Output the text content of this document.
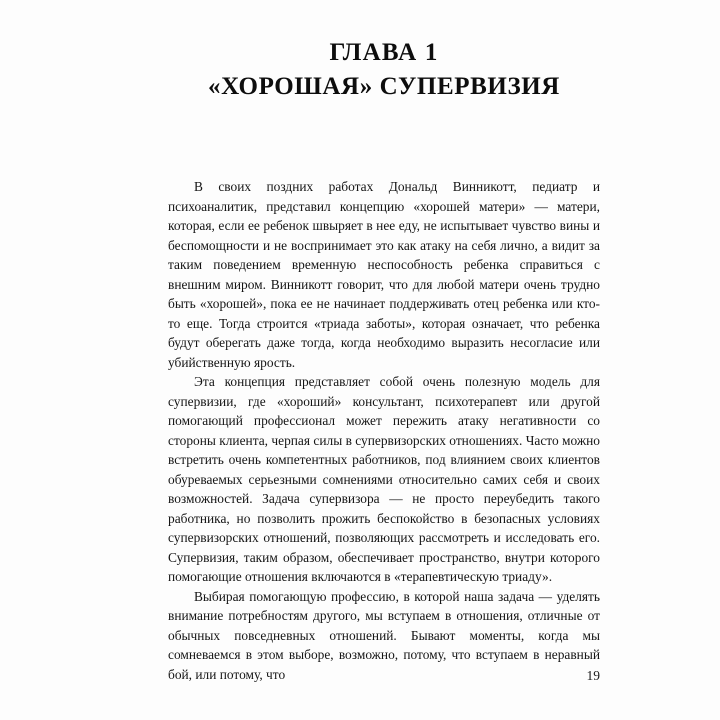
ГЛАВА 1
«ХОРОШАЯ» СУПЕРВИЗИЯ

В своих поздних работах Дональд Винникотт, педиатр и психоаналитик, представил концепцию «хорошей матери» — матери, которая, если ее ребенок швыряет в нее еду, не испытывает чувство вины и беспомощности и не воспринимает это как атаку на себя лично, а видит за таким поведением временную неспособность ребенка справиться с внешним миром. Винникотт говорит, что для любой матери очень трудно быть «хорошей», пока ее не начинает поддерживать отец ребенка или кто-то еще. Тогда строится «триада заботы», которая означает, что ребенка будут оберегать даже тогда, когда необходимо выразить несогласие или убийственную ярость.

Эта концепция представляет собой очень полезную модель для супервизии, где «хороший» консультант, психотерапевт или другой помогающий профессионал может пережить атаку негативности со стороны клиента, черпая силы в супервизорских отношениях. Часто можно встретить очень компетентных работников, под влиянием своих клиентов обуреваемых серьезными сомнениями относительно самих себя и своих возможностей. Задача супервизора — не просто переубедить такого работника, но позволить прожить беспокойство в безопасных условиях супервизорских отношений, позволяющих рассмотреть и исследовать его. Супервизия, таким образом, обеспечивает пространство, внутри которого помогающие отношения включаются в «терапевтическую триаду».

Выбирая помогающую профессию, в которой наша задача — уделять внимание потребностям другого, мы вступаем в отношения, отличные от обычных повседневных отношений. Бывают моменты, когда мы сомневаемся в этом выборе, возможно, потому, что вступаем в неравный бой, или потому, что	19
